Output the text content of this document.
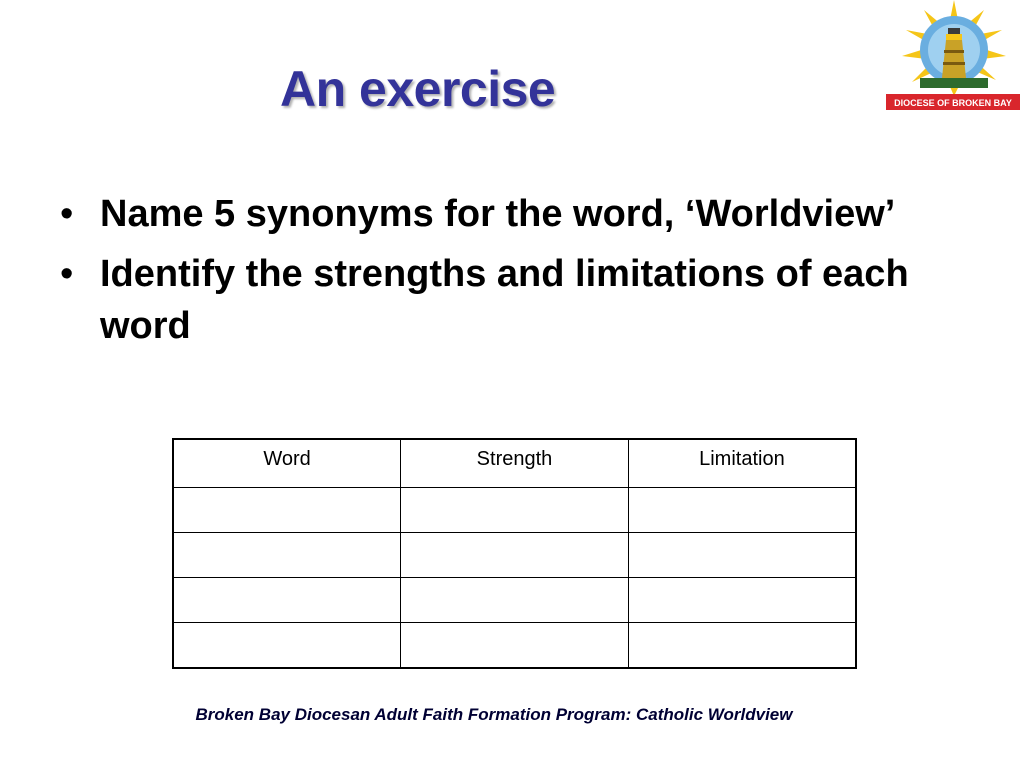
An exercise	DIOCESE OF BROKEN BAY
• Name 5 synonyms for the word, ‘Worldview’
• Identify the strengths and limitations of each word
Word	Strength	Limitation

Broken Bay Diocesan Adult Faith Formation Program: Catholic Worldview
